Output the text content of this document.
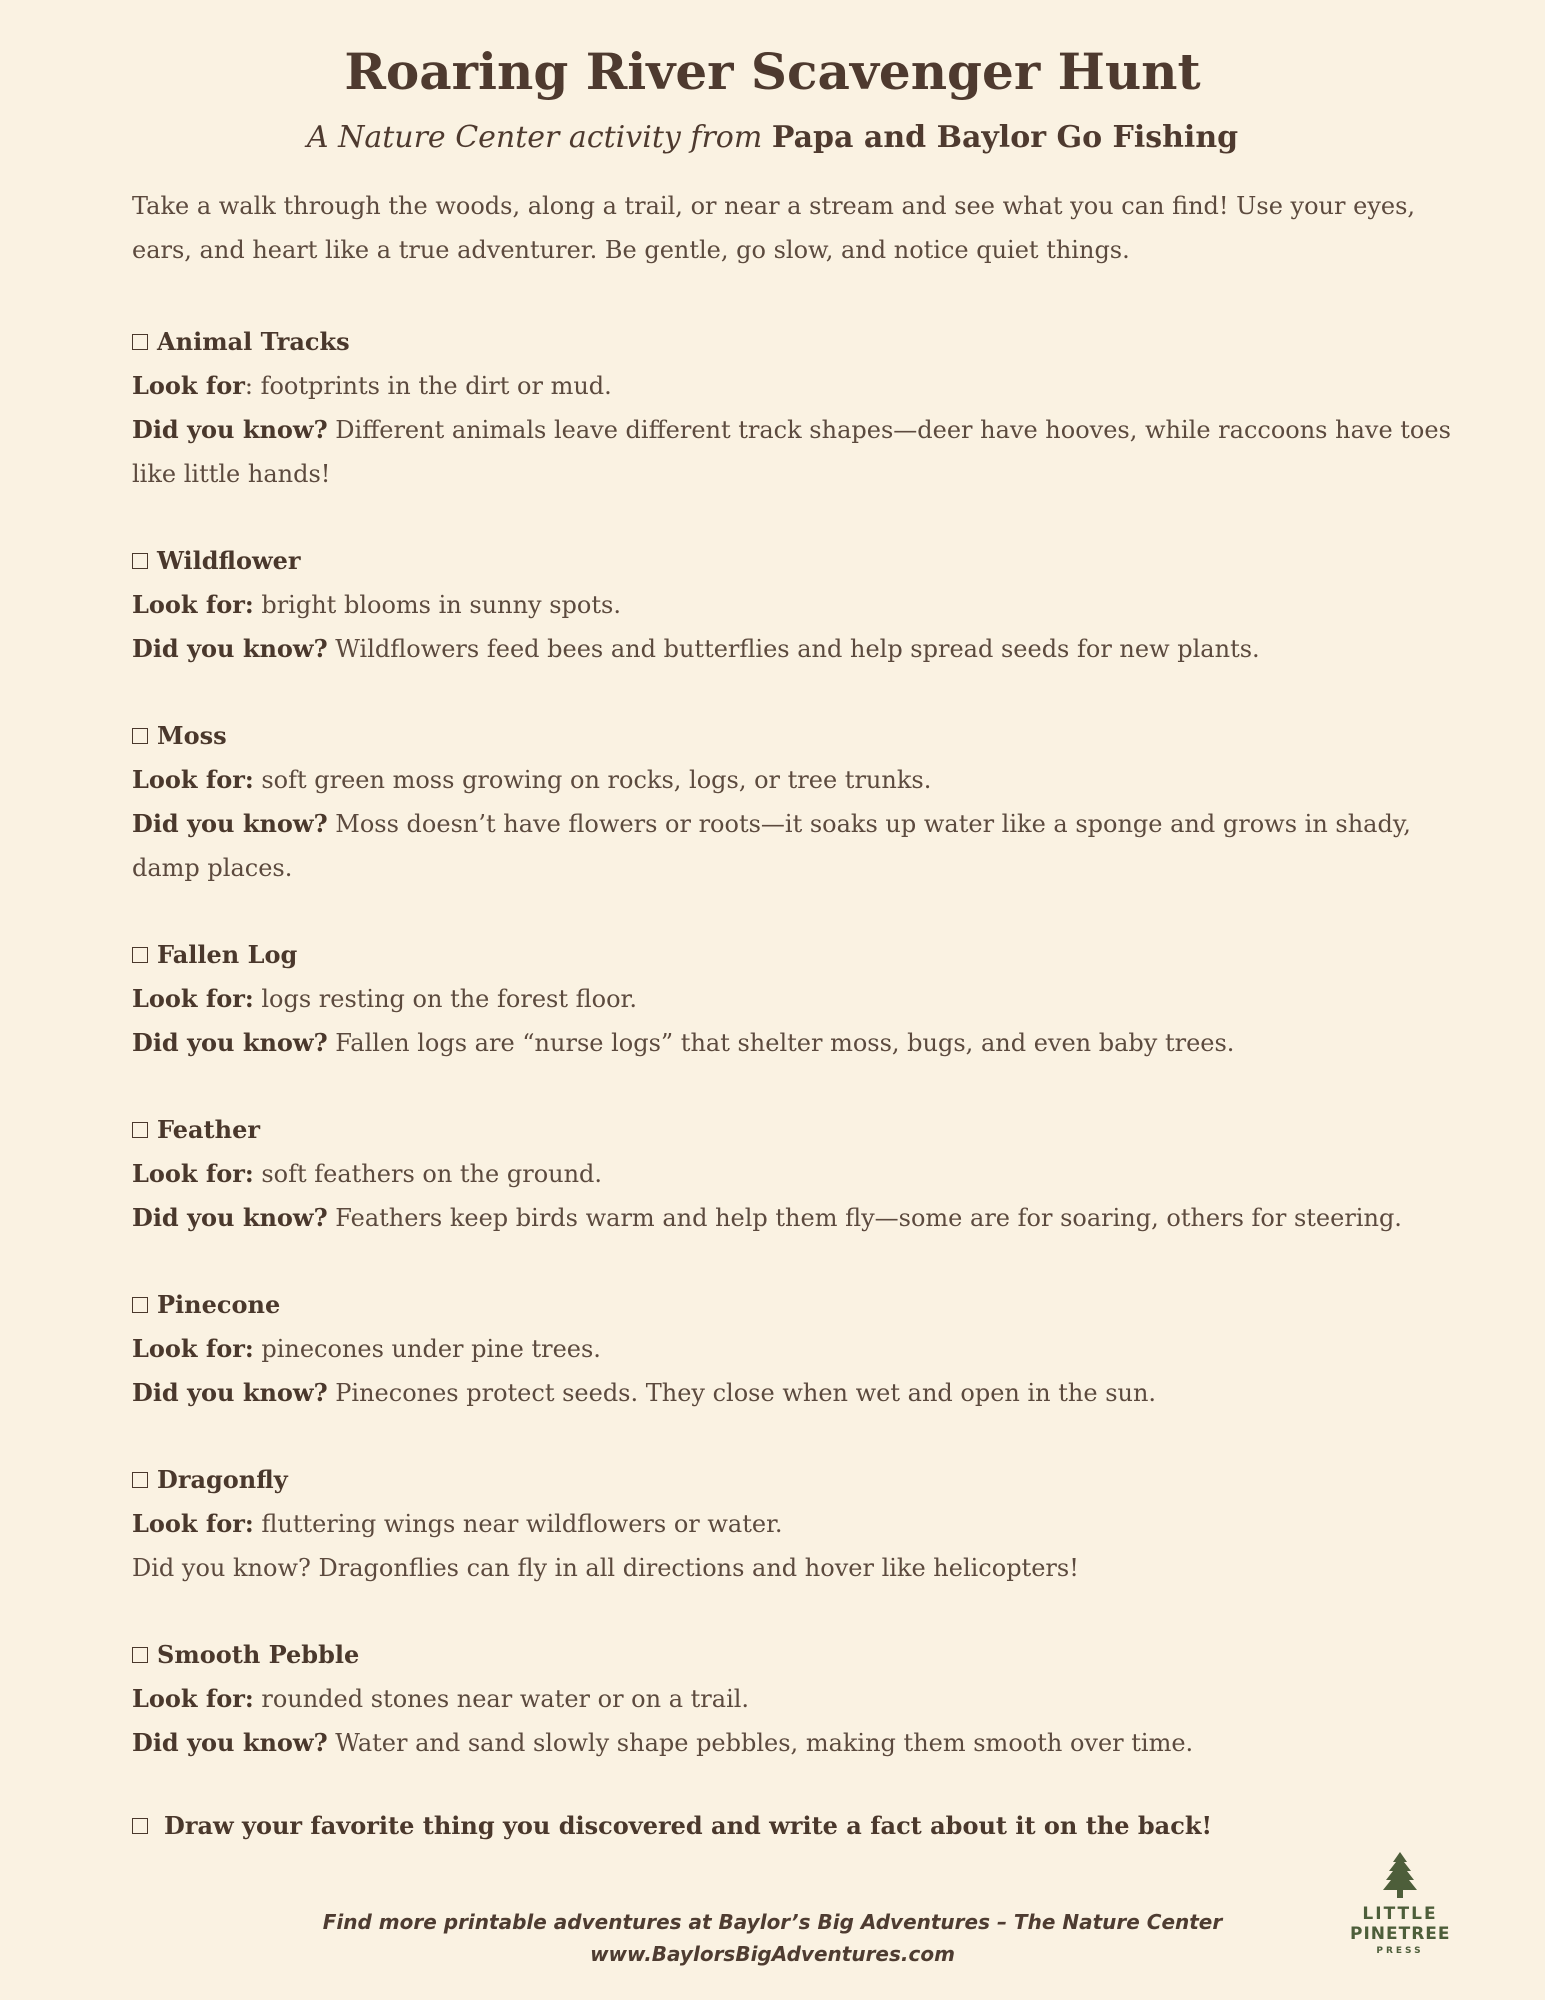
Roaring River Scavenger Hunt
A Nature Center activity from Papa and Baylor Go Fishing
Take a walk through the woods, along a trail, or near a stream and see what you can find! Use your eyes, ears, and heart like a true adventurer. Be gentle, go slow, and notice quiet things.
Animal Tracks
Look for: footprints in the dirt or mud.
Did you know? Different animals leave different track shapes—deer have hooves, while raccoons have toes like little hands!
Wildflower
Look for: bright blooms in sunny spots.
Did you know? Wildflowers feed bees and butterflies and help spread seeds for new plants.
Moss
Look for: soft green moss growing on rocks, logs, or tree trunks.
Did you know? Moss doesn’t have flowers or roots—it soaks up water like a sponge and grows in shady, damp places.
Fallen Log
Look for: logs resting on the forest floor.
Did you know? Fallen logs are “nurse logs” that shelter moss, bugs, and even baby trees.
Feather
Look for: soft feathers on the ground.
Did you know? Feathers keep birds warm and help them fly—some are for soaring, others for steering.
Pinecone
Look for: pinecones under pine trees.
Did you know? Pinecones protect seeds. They close when wet and open in the sun.
Dragonfly
Look for: fluttering wings near wildflowers or water.
Did you know? Dragonflies can fly in all directions and hover like helicopters!
Smooth Pebble
Look for: rounded stones near water or on a trail.
Did you know? Water and sand slowly shape pebbles, making them smooth over time.
Draw your favorite thing you discovered and write a fact about it on the back!
Find more printable adventures at Baylor’s Big Adventures – The Nature Center
www.BaylorsBigAdventures.com
LITTLE
PINETREE
PRESS
